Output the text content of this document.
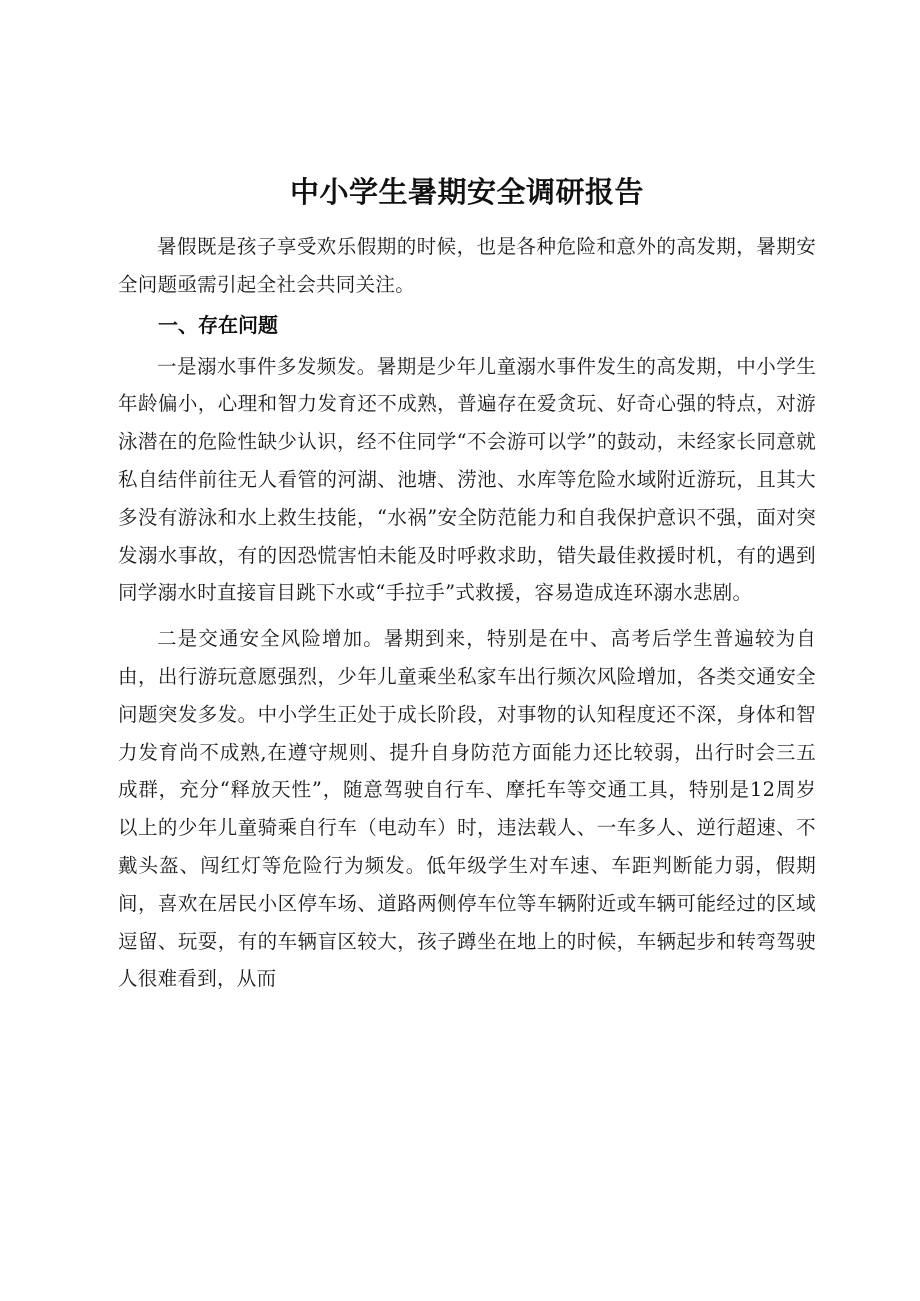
中小学生暑期安全调研报告

暑假既是孩子享受欢乐假期的时候，也是各种危险和意外的高发期，暑期安全问题亟需引起全社会共同关注。

一、存在问题

一是溺水事件多发频发。暑期是少年儿童溺水事件发生的高发期，中小学生年龄偏小，心理和智力发育还不成熟，普遍存在爱贪玩、好奇心强的特点，对游泳潜在的危险性缺少认识，经不住同学“不会游可以学”的鼓动，未经家长同意就私自结伴前往无人看管的河湖、池塘、涝池、水库等危险水域附近游玩，且其大多没有游泳和水上救生技能，“水祸”安全防范能力和自我保护意识不强，面对突发溺水事故，有的因恐慌害怕未能及时呼救求助，错失最佳救援时机，有的遇到同学溺水时直接盲目跳下水或“手拉手”式救援，容易造成连环溺水悲剧。

二是交通安全风险增加。暑期到来，特别是在中、高考后学生普遍较为自由，出行游玩意愿强烈，少年儿童乘坐私家车出行频次风险增加，各类交通安全问题突发多发。中小学生正处于成长阶段，对事物的认知程度还不深，身体和智力发育尚不成熟,在遵守规则、提升自身防范方面能力还比较弱，出行时会三五成群，充分“释放天性”，随意驾驶自行车、摩托车等交通工具，特别是12周岁以上的少年儿童骑乘自行车（电动车）时，违法载人、一车多人、逆行超速、不戴头盔、闯红灯等危险行为频发。低年级学生对车速、车距判断能力弱，假期间，喜欢在居民小区停车场、道路两侧停车位等车辆附近或车辆可能经过的区域逗留、玩耍，有的车辆盲区较大，孩子蹲坐在地上的时候，车辆起步和转弯驾驶人很难看到，从而
